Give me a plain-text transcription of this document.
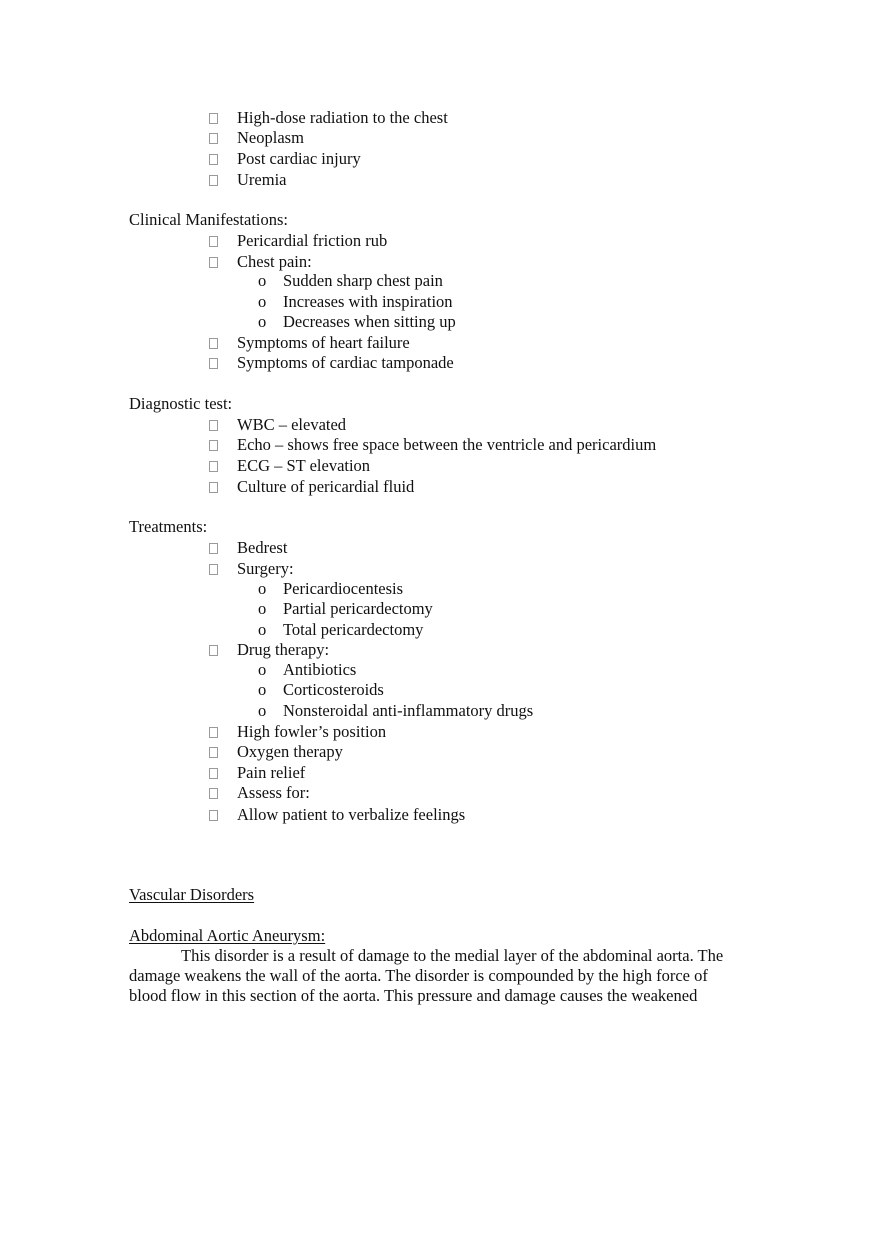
High-dose radiation to the chest
Neoplasm
Post cardiac injury
Uremia
Clinical Manifestations:
Pericardial friction rub
Chest pain:
o Sudden sharp chest pain
o Increases with inspiration
o Decreases when sitting up
Symptoms of heart failure
Symptoms of cardiac tamponade
Diagnostic test:
WBC – elevated
Echo – shows free space between the ventricle and pericardium
ECG – ST elevation
Culture of pericardial fluid
Treatments:
Bedrest
Surgery:
o Pericardiocentesis
o Partial pericardectomy
o Total pericardectomy
Drug therapy:
o Antibiotics
o Corticosteroids
o Nonsteroidal anti-inflammatory drugs
High fowler’s position
Oxygen therapy
Pain relief
Assess for:
Allow patient to verbalize feelings
Vascular Disorders
Abdominal Aortic Aneurysm:
This disorder is a result of damage to the medial layer of the abdominal aorta. The
damage weakens the wall of the aorta. The disorder is compounded by the high force of
blood flow in this section of the aorta. This pressure and damage causes the weakened
